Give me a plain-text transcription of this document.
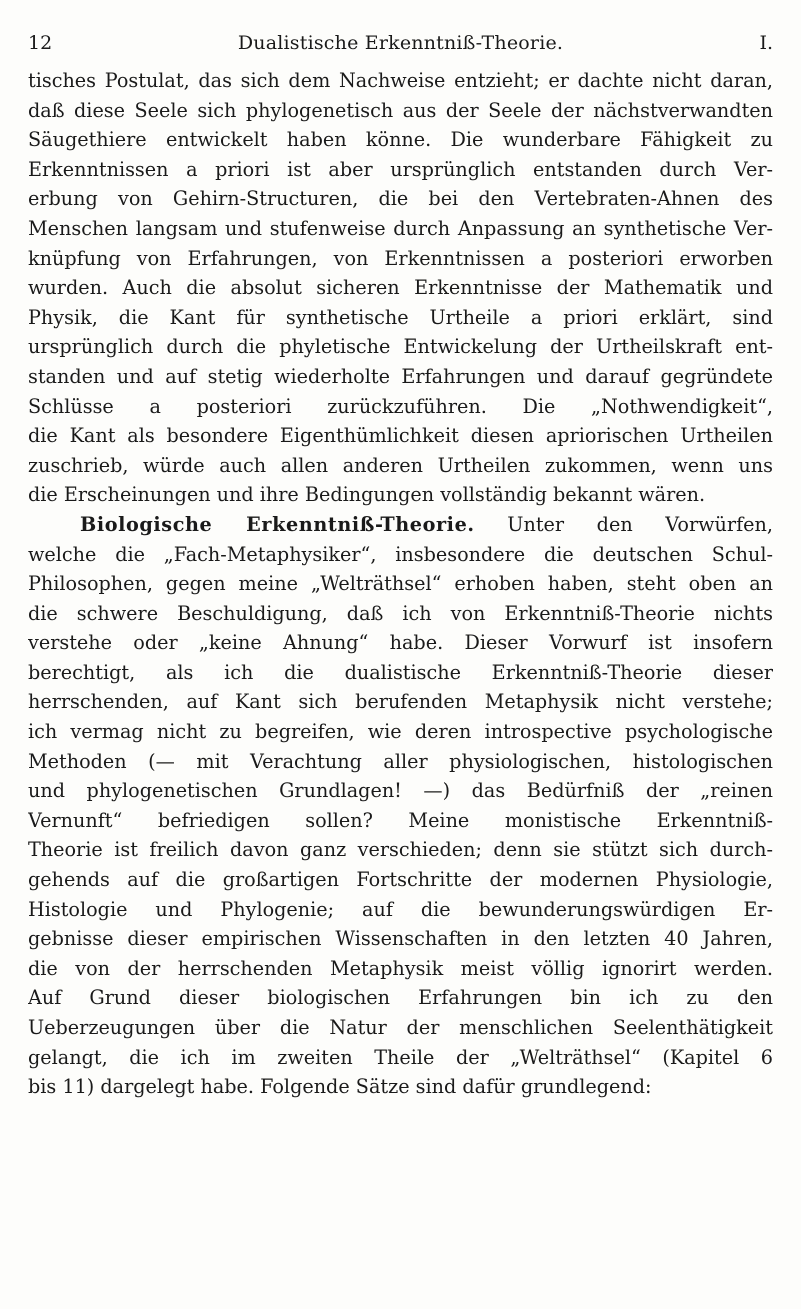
12	Dualistische Erkenntniß-Theorie.	I.
tisches Postulat, das sich dem Nachweise entzieht; er dachte nicht daran,
daß diese Seele sich phylogenetisch aus der Seele der nächstverwandten
Säugethiere entwickelt haben könne. Die wunderbare Fähigkeit zu
Erkenntnissen a priori ist aber ursprünglich entstanden durch Ver-
erbung von Gehirn-Structuren, die bei den Vertebraten-Ahnen des
Menschen langsam und stufenweise durch Anpassung an synthetische Ver-
knüpfung von Erfahrungen, von Erkenntnissen a posteriori erworben
wurden. Auch die absolut sicheren Erkenntnisse der Mathematik und
Physik, die Kant für synthetische Urtheile a priori erklärt, sind
ursprünglich durch die phyletische Entwickelung der Urtheilskraft ent-
standen und auf stetig wiederholte Erfahrungen und darauf gegründete
Schlüsse a posteriori zurückzuführen. Die „Nothwendigkeit“,
die Kant als besondere Eigenthümlichkeit diesen apriorischen Urtheilen
zuschrieb, würde auch allen anderen Urtheilen zukommen, wenn uns
die Erscheinungen und ihre Bedingungen vollständig bekannt wären.
Biologische Erkenntniß-Theorie. Unter den Vorwürfen,
welche die „Fach-Metaphysiker“, insbesondere die deutschen Schul-
Philosophen, gegen meine „Welträthsel“ erhoben haben, steht oben an
die schwere Beschuldigung, daß ich von Erkenntniß-Theorie nichts
verstehe oder „keine Ahnung“ habe. Dieser Vorwurf ist insofern
berechtigt, als ich die dualistische Erkenntniß-Theorie dieser
herrschenden, auf Kant sich berufenden Metaphysik nicht verstehe;
ich vermag nicht zu begreifen, wie deren introspective psychologische
Methoden (— mit Verachtung aller physiologischen, histologischen
und phylogenetischen Grundlagen! —) das Bedürfniß der „reinen
Vernunft“ befriedigen sollen? Meine monistische Erkenntniß-
Theorie ist freilich davon ganz verschieden; denn sie stützt sich durch-
gehends auf die großartigen Fortschritte der modernen Physiologie,
Histologie und Phylogenie; auf die bewunderungswürdigen Er-
gebnisse dieser empirischen Wissenschaften in den letzten 40 Jahren,
die von der herrschenden Metaphysik meist völlig ignorirt werden.
Auf Grund dieser biologischen Erfahrungen bin ich zu den
Ueberzeugungen über die Natur der menschlichen Seelenthätigkeit
gelangt, die ich im zweiten Theile der „Welträthsel“ (Kapitel 6
bis 11) dargelegt habe. Folgende Sätze sind dafür grundlegend:
